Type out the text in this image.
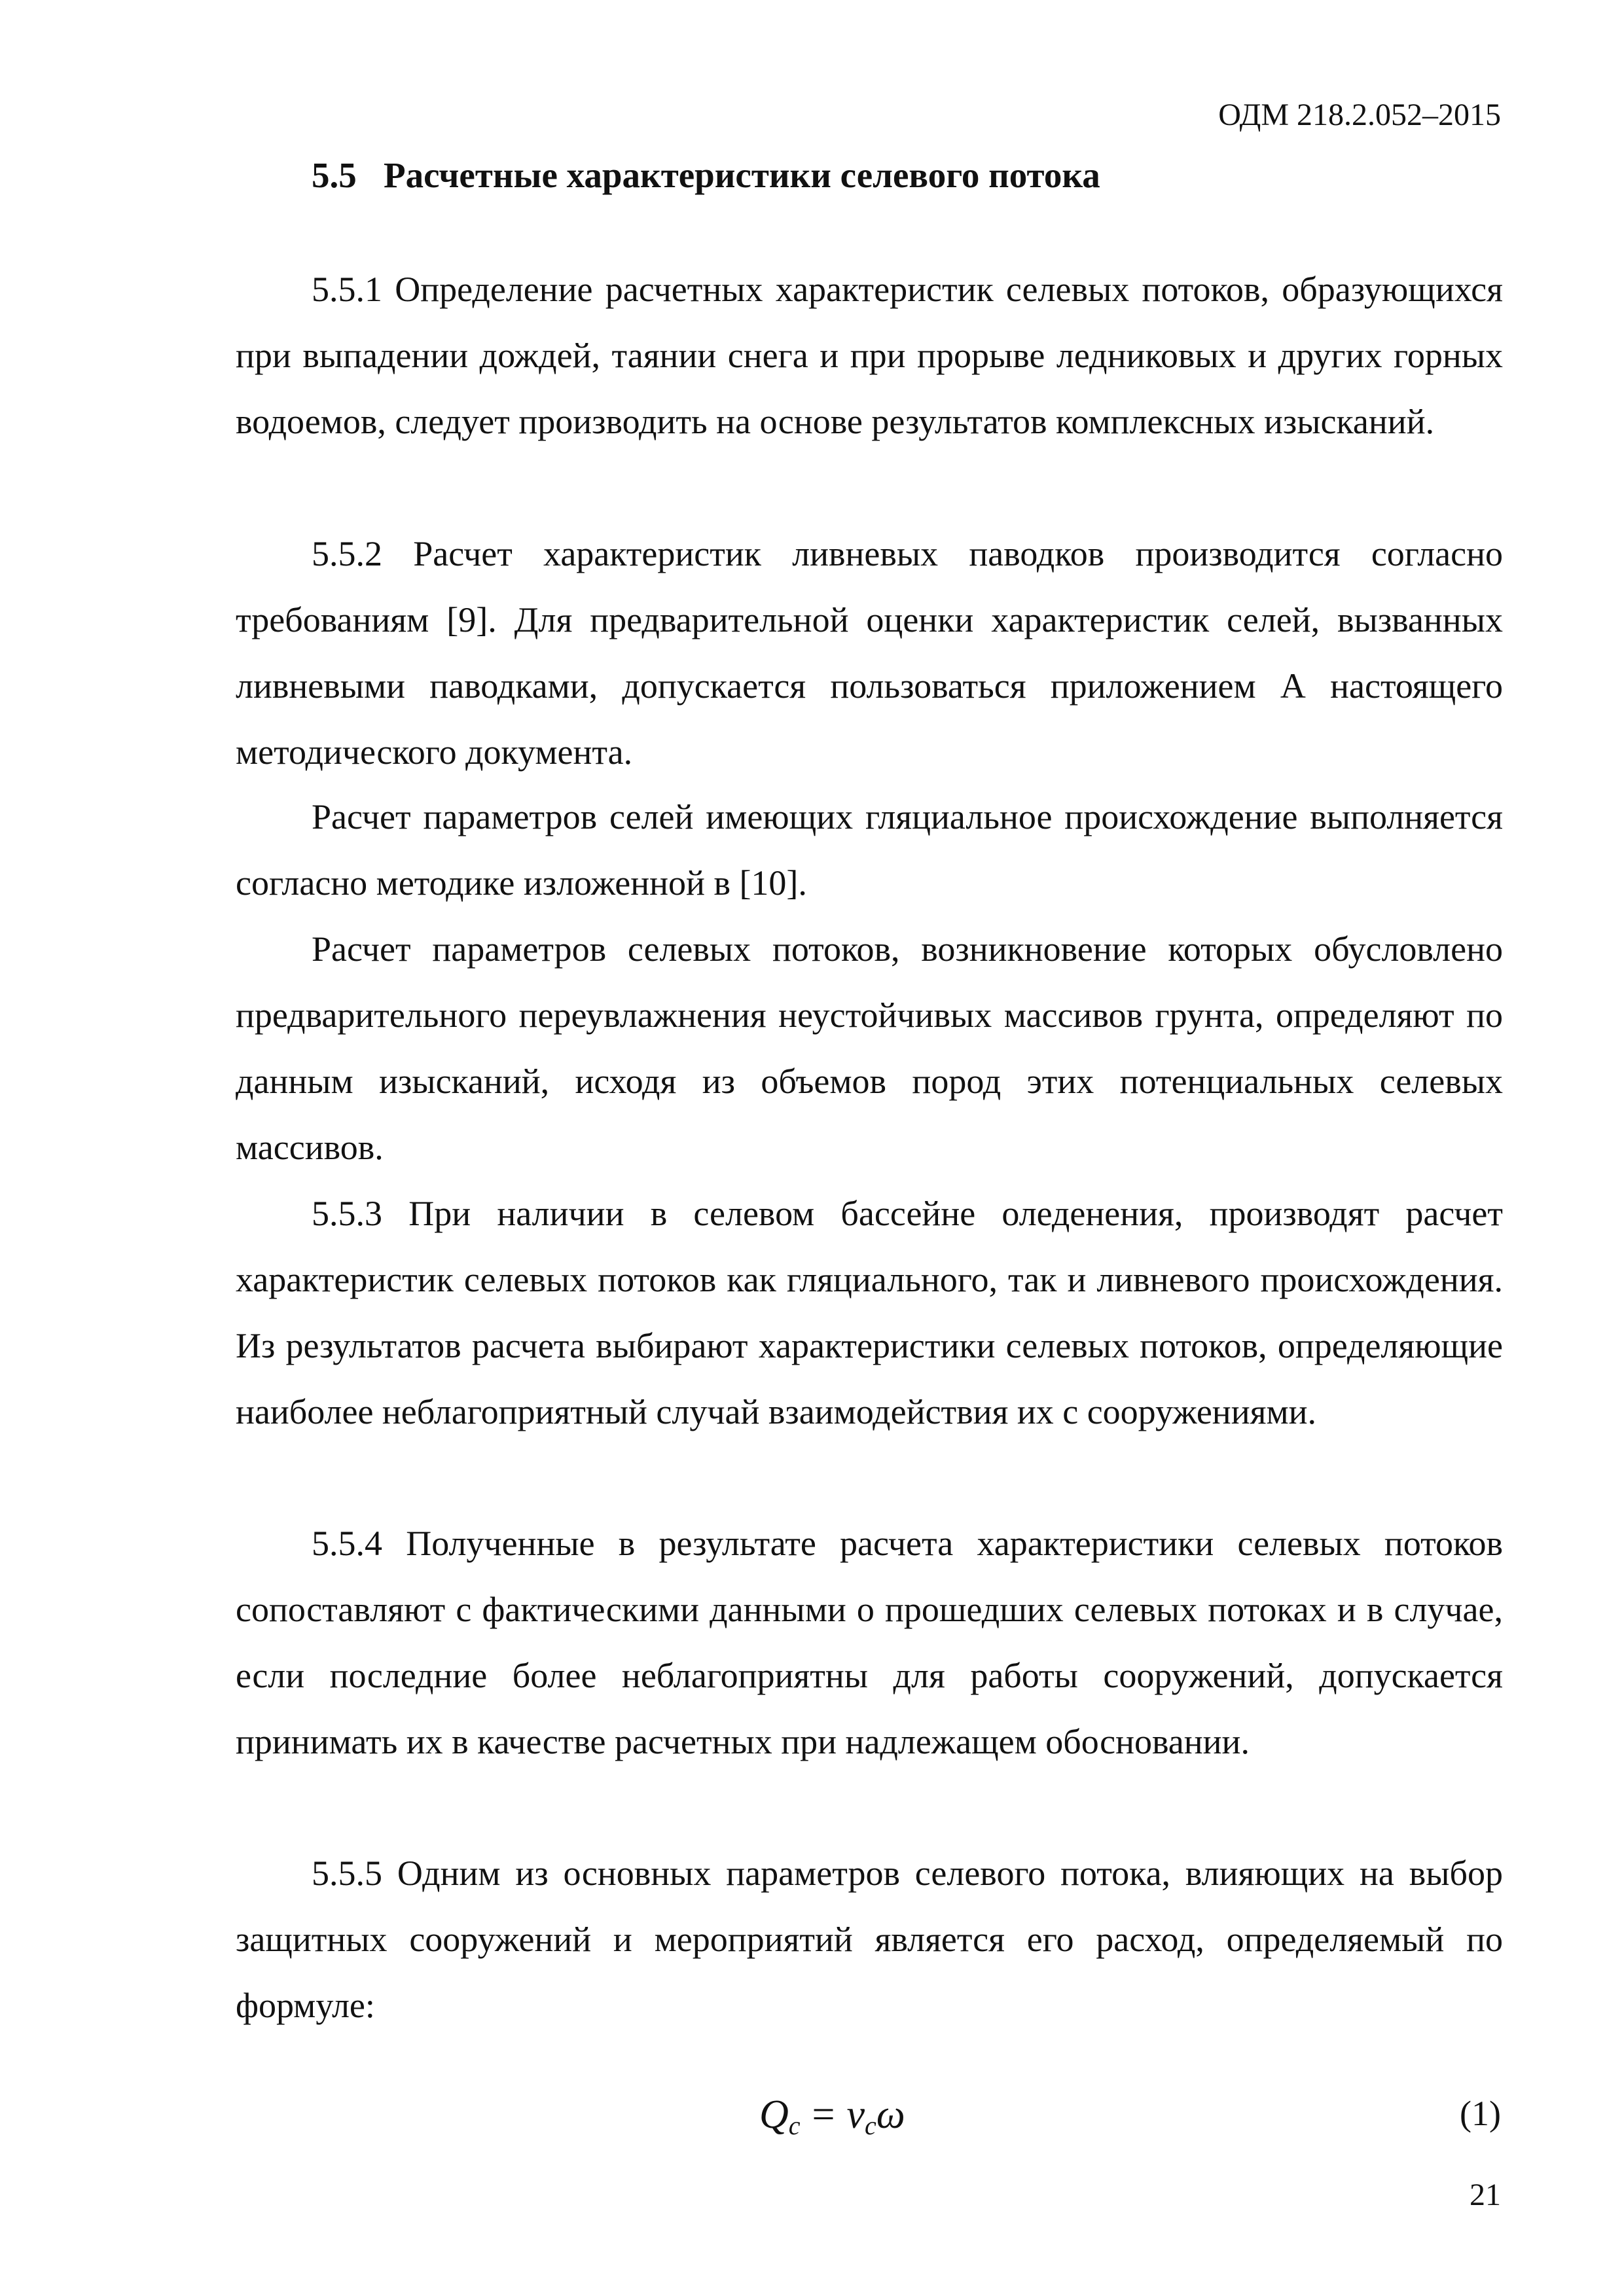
ОДМ 218.2.052–2015
5.5 Расчетные характеристики селевого потока

5.5.1 Определение расчетных характеристик селевых потоков, образующихся при выпадении дождей, таянии снега и при прорыве ледниковых и других горных водоемов, следует производить на основе результатов комплексных изысканий.

5.5.2 Расчет характеристик ливневых паводков производится согласно требованиям [9]. Для предварительной оценки характеристик селей, вызванных ливневыми паводками, допускается пользоваться приложением А настоящего методического документа.

Расчет параметров селей имеющих гляциальное происхождение выполняется согласно методике изложенной в [10].

Расчет параметров селевых потоков, возникновение которых обусловлено предварительного переувлажнения неустойчивых массивов грунта, определяют по данным изысканий, исходя из объемов пород этих потенциальных селевых массивов.

5.5.3 При наличии в селевом бассейне оледенения, производят расчет характеристик селевых потоков как гляциального, так и ливневого происхождения. Из результатов расчета выбирают характеристики селевых потоков, определяющие наиболее неблагоприятный случай взаимодействия их с сооружениями.

5.5.4 Полученные в результате расчета характеристики селевых потоков сопоставляют с фактическими данными о прошедших селевых потоках и в случае, если последние более неблагоприятны для работы сооружений, допускается принимать их в качестве расчетных при надлежащем обосновании.

5.5.5 Одним из основных параметров селевого потока, влияющих на выбор защитных сооружений и мероприятий является его расход, определяемый по формуле:

$Q_c = v_c\omega$	(1)
21
